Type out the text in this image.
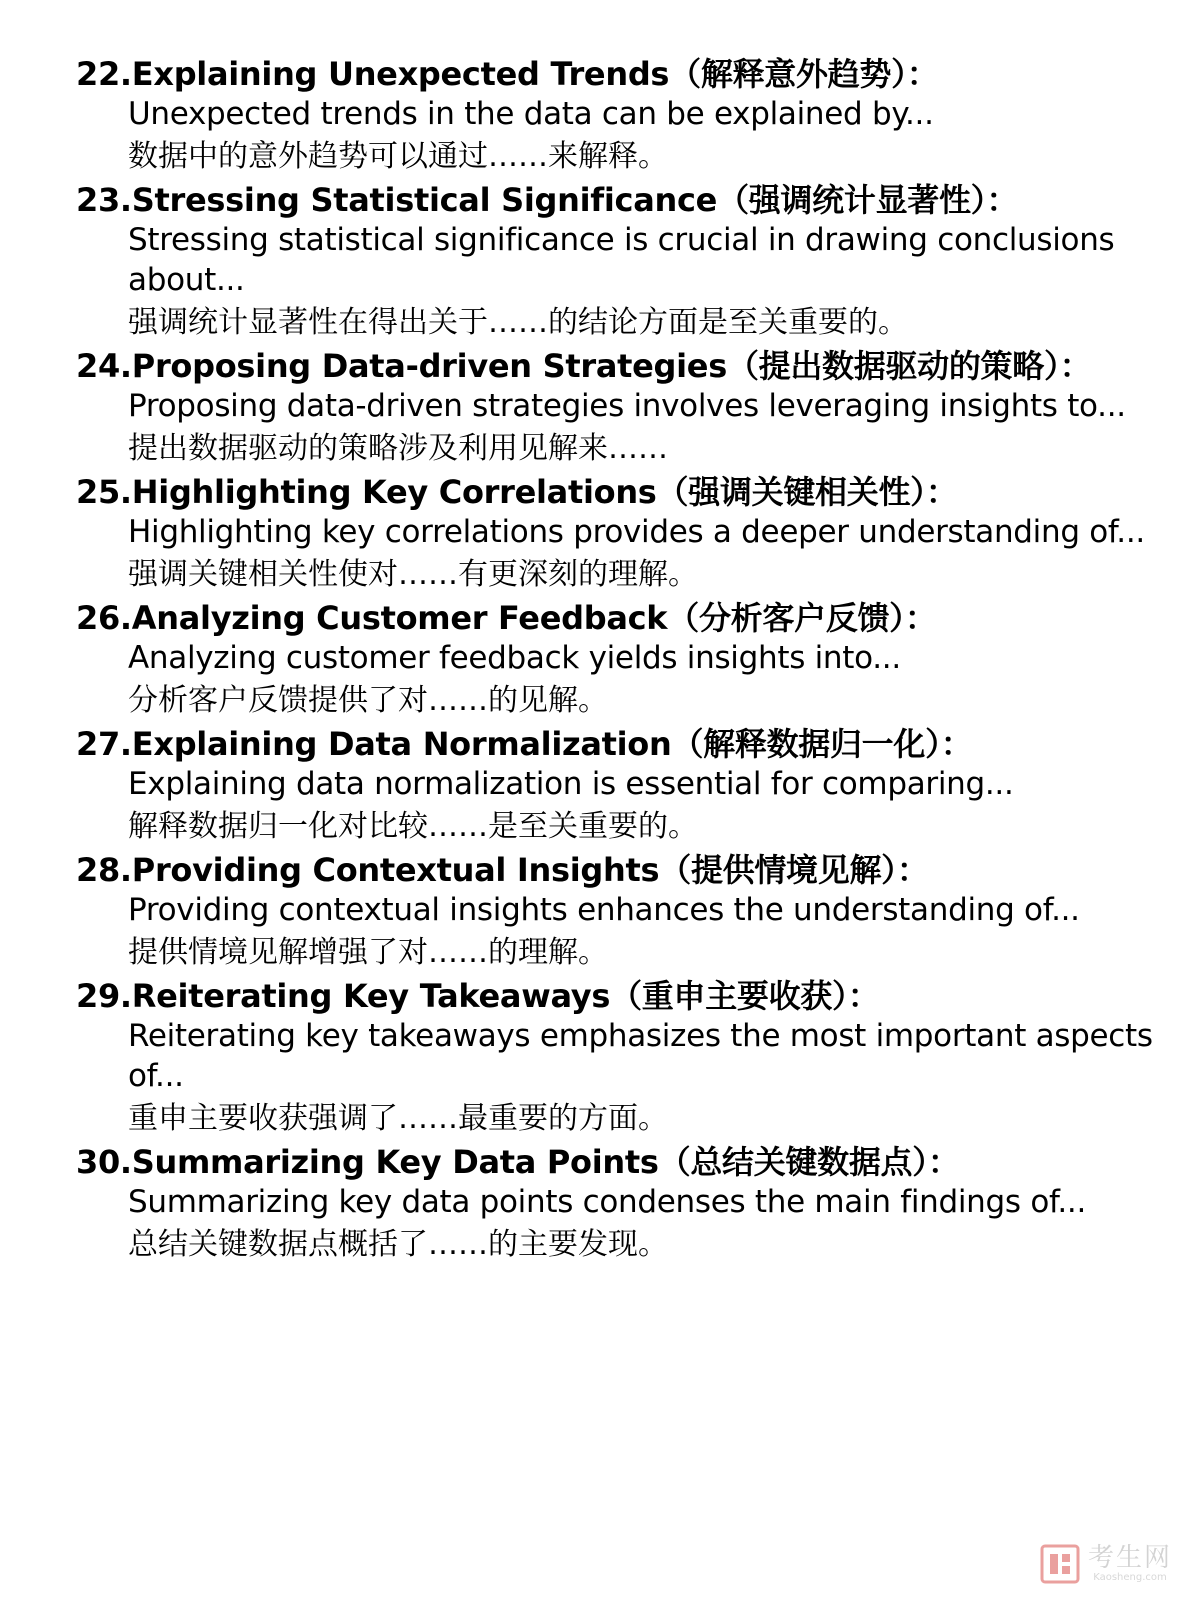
22.Explaining Unexpected Trends（解释意外趋势）：
Unexpected trends in the data can be explained by...
数据中的意外趋势可以通过……来解释。
23.Stressing Statistical Significance（强调统计显著性）：
Stressing statistical significance is crucial in drawing conclusions about...
强调统计显著性在得出关于……的结论方面是至关重要的。
24.Proposing Data-driven Strategies（提出数据驱动的策略）：
Proposing data-driven strategies involves leveraging insights to...
提出数据驱动的策略涉及利用见解来……
25.Highlighting Key Correlations（强调关键相关性）：
Highlighting key correlations provides a deeper understanding of...
强调关键相关性使对……有更深刻的理解。
26.Analyzing Customer Feedback（分析客户反馈）：
Analyzing customer feedback yields insights into...
分析客户反馈提供了对……的见解。
27.Explaining Data Normalization（解释数据归一化）：
Explaining data normalization is essential for comparing...
解释数据归一化对比较……是至关重要的。
28.Providing Contextual Insights（提供情境见解）：
Providing contextual insights enhances the understanding of...
提供情境见解增强了对……的理解。
29.Reiterating Key Takeaways（重申主要收获）：
Reiterating key takeaways emphasizes the most important aspects of...
重申主要收获强调了……最重要的方面。
30.Summarizing Key Data Points（总结关键数据点）：
Summarizing key data points condenses the main findings of...
总结关键数据点概括了……的主要发现。
考生网
Kaosheng.com
